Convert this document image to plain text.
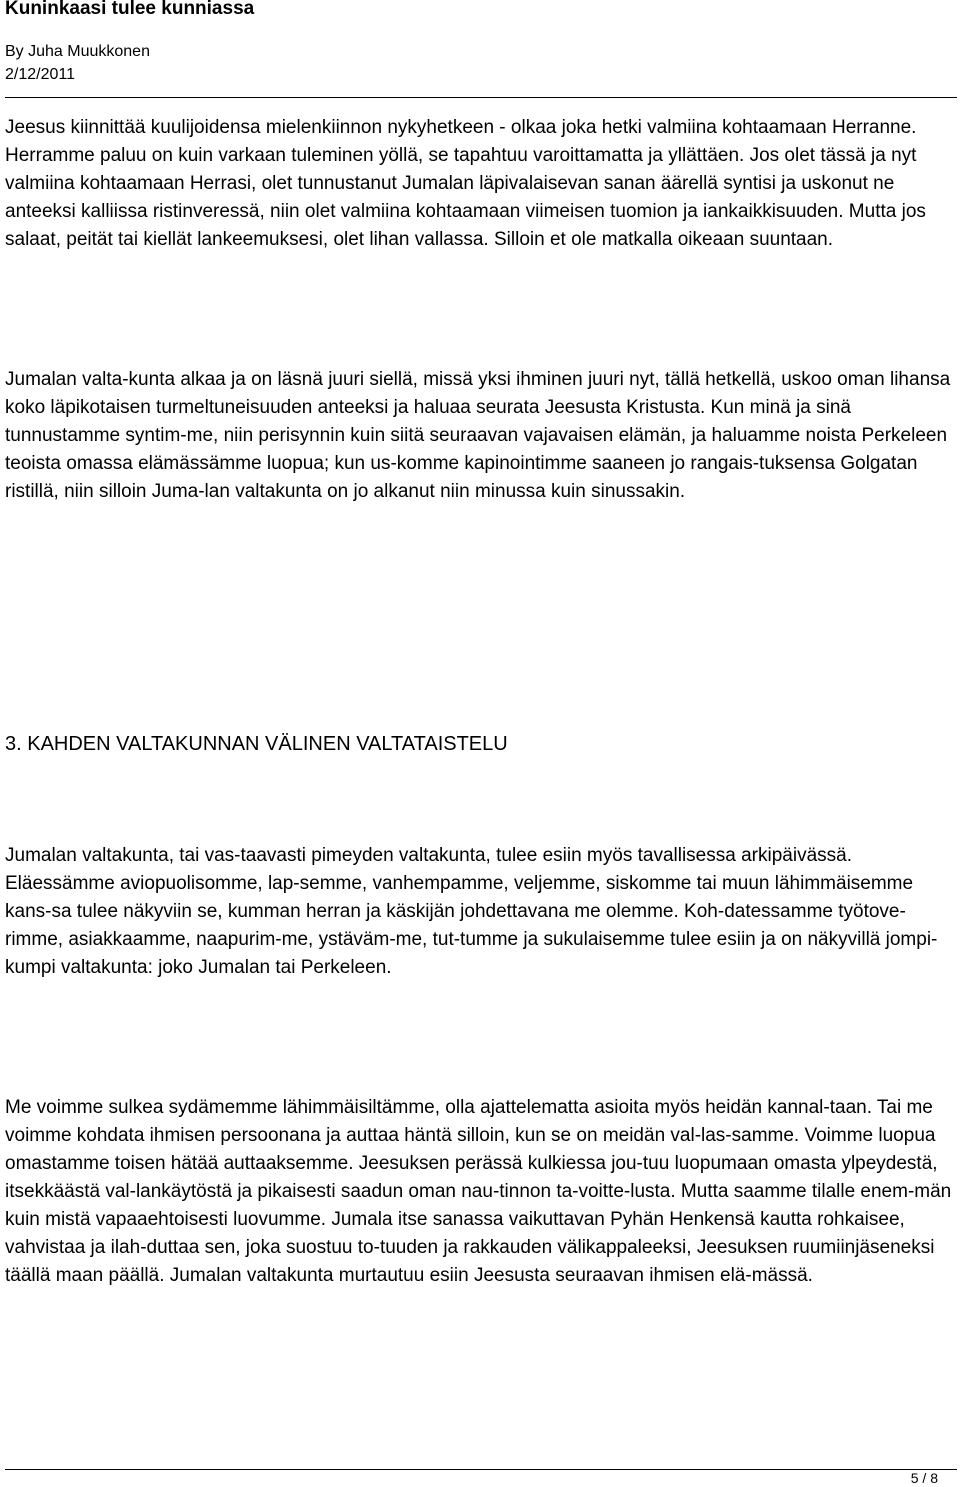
Kuninkaasi tulee kunniassa
By Juha Muukkonen
2/12/2011

Jeesus kiinnittää kuulijoidensa mielenkiinnon nykyhetkeen - olkaa joka hetki valmiina kohtaamaan Herranne. Herramme paluu on kuin varkaan tuleminen yöllä, se tapahtuu varoittamatta ja yllättäen. Jos olet tässä ja nyt valmiina kohtaamaan Herrasi, olet tunnustanut Jumalan läpivalaisevan sanan äärellä syntisi ja uskonut ne anteeksi kalliissa ristinveressä, niin olet valmiina kohtaamaan viimeisen tuomion ja iankaikkisuuden. Mutta jos salaat, peität tai kiellät lankeemuksesi, olet lihan vallassa. Silloin et ole matkalla oikeaan suuntaan.

Jumalan valta-kunta alkaa ja on läsnä juuri siellä, missä yksi ihminen juuri nyt, tällä hetkellä, uskoo oman lihansa koko läpikotaisen turmeltuneisuuden anteeksi ja haluaa seurata Jeesusta Kristusta. Kun minä ja sinä tunnustamme syntim-me, niin perisynnin kuin siitä seuraavan vajavaisen elämän, ja haluamme noista Perkeleen teoista omassa elämässämme luopua; kun us-komme kapinointimme saaneen jo rangais-tuksensa Golgatan ristillä, niin silloin Juma-lan valtakunta on jo alkanut niin minussa kuin sinussakin.

3. KAHDEN VALTAKUNNAN VÄLINEN VALTATAISTELU

Jumalan valtakunta, tai vas-taavasti pimeyden valtakunta, tulee esiin myös tavallisessa arkipäivässä. Eläessämme aviopuolisomme, lap-semme, vanhempamme, veljemme, siskomme tai muun lähimmäisemme kans-sa tulee näkyviin se, kumman herran ja käskijän johdettavana me olemme. Koh-datessamme työtove-rimme, asiakkaamme, naapurim-me, ystäväm-me, tut-tumme ja sukulaisemme tulee esiin ja on näkyvillä jompi-kumpi valtakunta: joko Jumalan tai Perkeleen.

Me voimme sulkea sydämemme lähimmäisiltämme, olla ajattelematta asioita myös heidän kannal-taan. Tai me voimme kohdata ihmisen persoonana ja auttaa häntä silloin, kun se on meidän val-las-samme. Voimme luopua omastamme toisen hätää auttaaksemme. Jeesuksen perässä kulkiessa jou-tuu luopumaan omasta ylpeydestä, itsekkäästä val-lankäytöstä ja pikaisesti saadun oman nau-tinnon ta-voitte-lusta. Mutta saamme tilalle enem-män kuin mistä vapaaehtoisesti luovumme. Jumala itse sanassa vaikuttavan Pyhän Henkensä kautta rohkaisee, vahvistaa ja ilah-duttaa sen, joka suostuu to-tuuden ja rakkauden välikappaleeksi, Jeesuksen ruumiinjäseneksi täällä maan päällä. Jumalan valtakunta murtautuu esiin Jeesusta seuraavan ihmisen elä-mässä.

5 / 8
